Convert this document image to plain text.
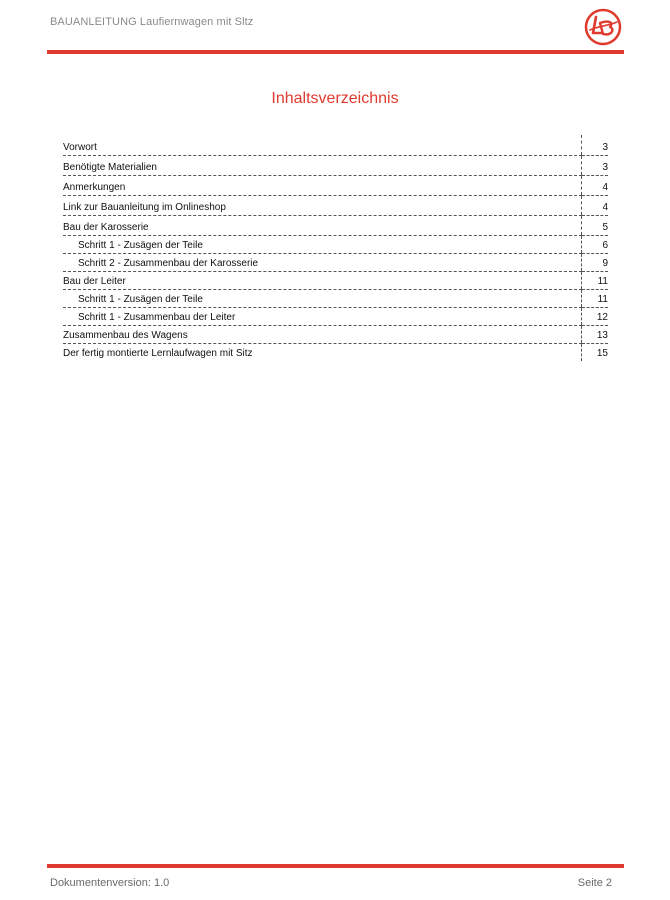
BAUANLEITUNG Laufiernwagen mit Sltz
Inhaltsverzeichnis
Vorwort	3
Benötigte Materialien	3
Anmerkungen	4
Link zur Bauanleitung im Onlineshop	4
Bau der Karosserie	5
Schritt 1 - Zusägen der Teile	6
Schritt 2 - Zusammenbau der Karosserie	9
Bau der Leiter	11
Schritt 1 - Zusägen der Teile	11
Schritt 1 - Zusammenbau der Leiter	12
Zusammenbau des Wagens	13
Der fertig montierte Lernlaufwagen mit Sitz	15
Dokumentenversion: 1.0	Seite 2
